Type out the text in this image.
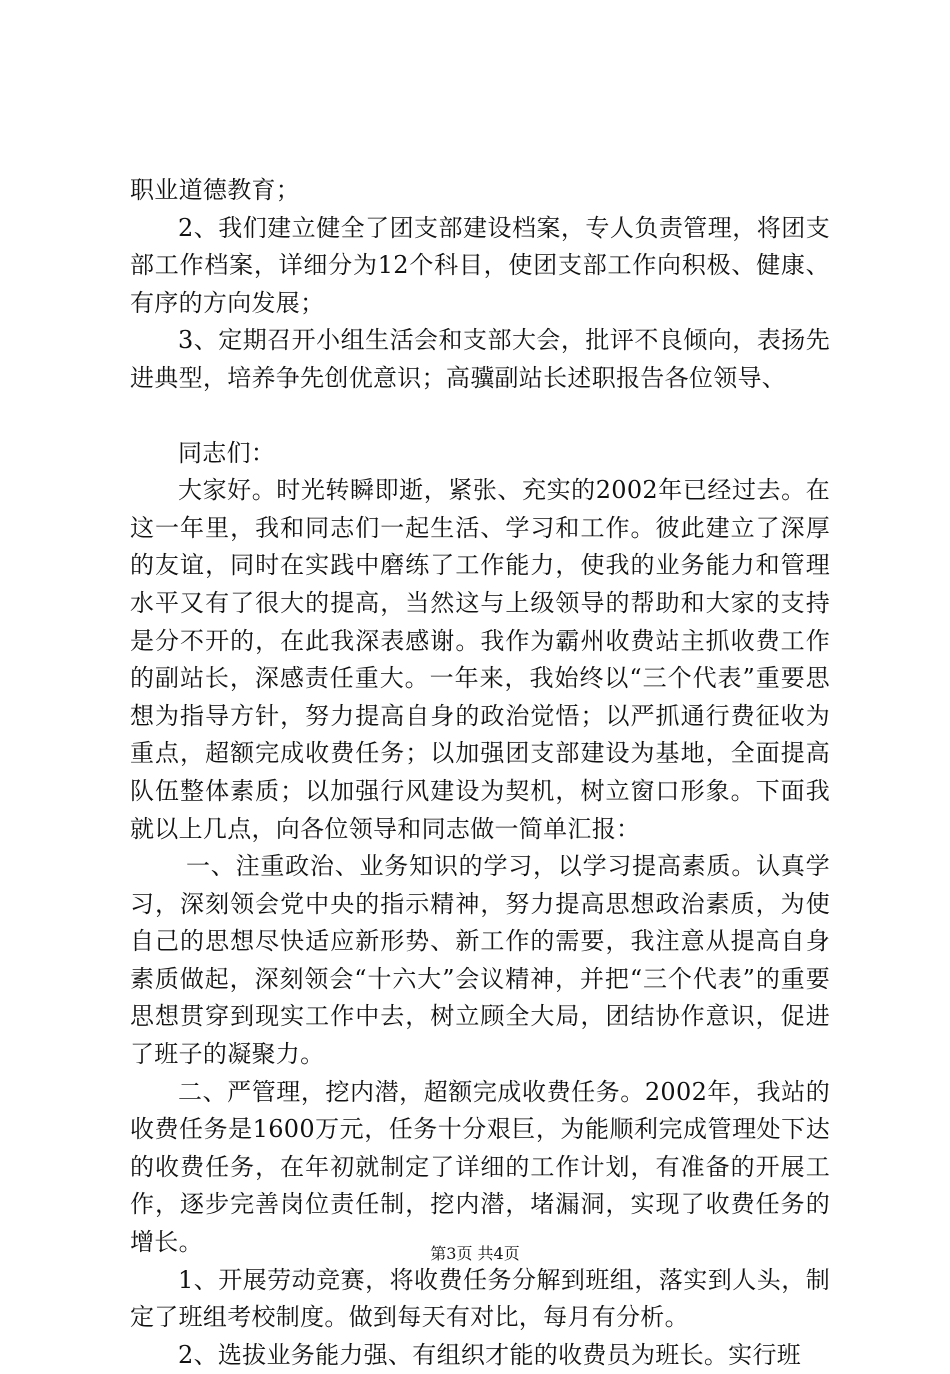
职业道德教育；

2、我们建立健全了团支部建设档案，专人负责管理，将团支部工作档案，详细分为12个科目，使团支部工作向积极、健康、有序的方向发展；

3、定期召开小组生活会和支部大会，批评不良倾向，表扬先进典型，培养争先创优意识；高骥副站长述职报告各位领导、

同志们：

大家好。时光转瞬即逝，紧张、充实的2002年已经过去。在这一年里，我和同志们一起生活、学习和工作。彼此建立了深厚的友谊，同时在实践中磨练了工作能力，使我的业务能力和管理水平又有了很大的提高，当然这与上级领导的帮助和大家的支持是分不开的，在此我深表感谢。我作为霸州收费站主抓收费工作的副站长，深感责任重大。一年来，我始终以“三个代表”重要思想为指导方针，努力提高自身的政治觉悟；以严抓通行费征收为重点，超额完成收费任务；以加强团支部建设为基地，全面提高队伍整体素质；以加强行风建设为契机，树立窗口形象。下面我就以上几点，向各位领导和同志做一简单汇报：

一、注重政治、业务知识的学习，以学习提高素质。认真学习，深刻领会党中央的指示精神，努力提高思想政治素质，为使自己的思想尽快适应新形势、新工作的需要，我注意从提高自身素质做起，深刻领会“十六大”会议精神，并把“三个代表”的重要思想贯穿到现实工作中去，树立顾全大局，团结协作意识，促进了班子的凝聚力。

二、严管理，挖内潜，超额完成收费任务。2002年，我站的收费任务是1600万元，任务十分艰巨，为能顺利完成管理处下达的收费任务，在年初就制定了详细的工作计划，有准备的开展工作，逐步完善岗位责任制，挖内潜，堵漏洞，实现了收费任务的增长。

1、开展劳动竞赛，将收费任务分解到班组，落实到人头，制定了班组考校制度。做到每天有对比，每月有分析。

2、选拔业务能力强、有组织才能的收费员为班长。实行班

第3页 共4页
